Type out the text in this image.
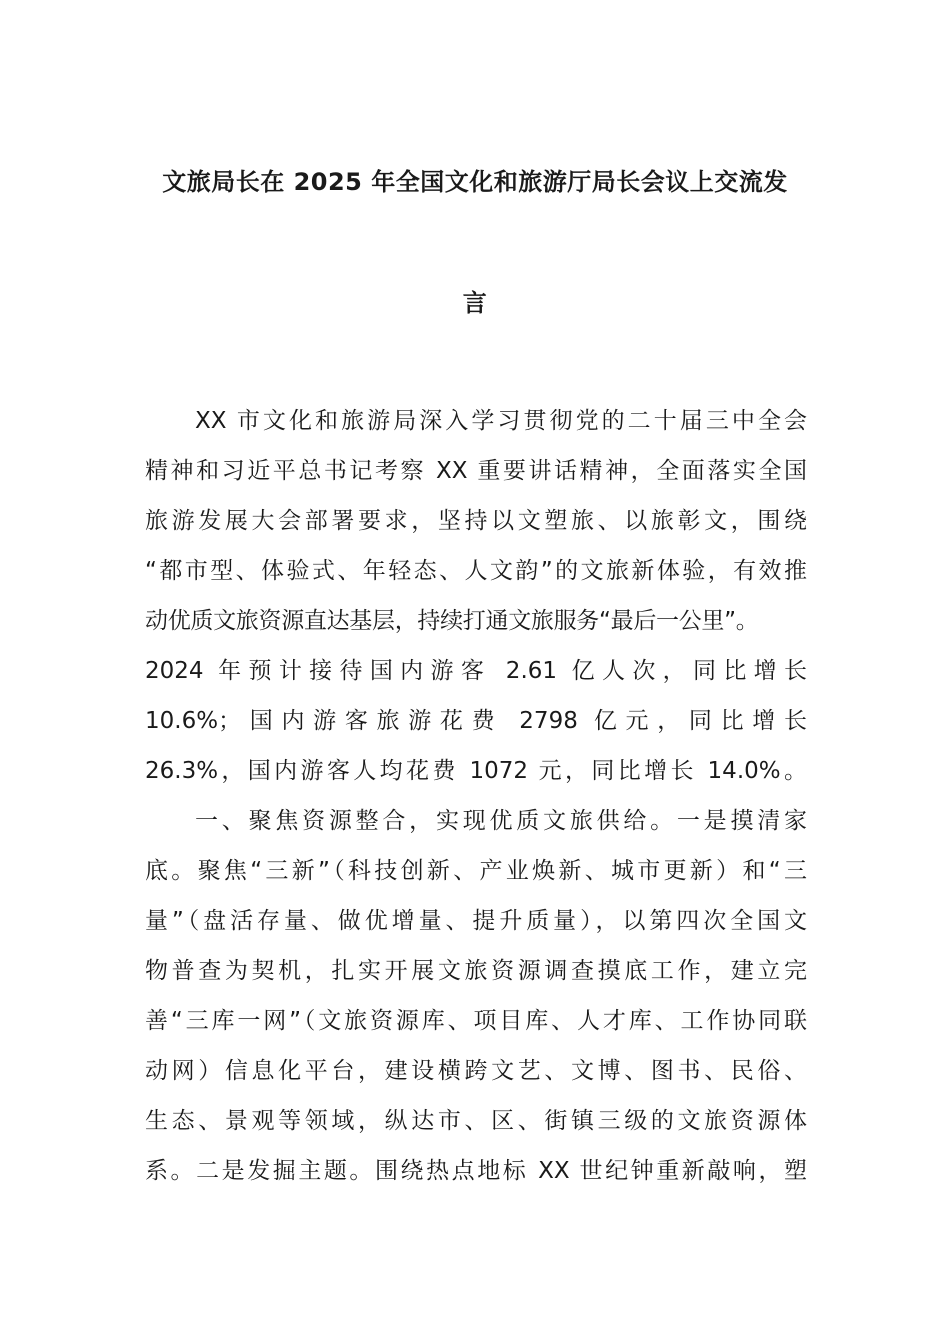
文旅局长在 2025 年全国文化和旅游厅局长会议上交流发
言
XX 市文化和旅游局深入学习贯彻党的二十届三中全会
精神和习近平总书记考察 XX 重要讲话精神，全面落实全国
旅游发展大会部署要求，坚持以文塑旅、以旅彰文，围绕
“都市型、体验式、年轻态、人文韵”的文旅新体验，有效推
动优质文旅资源直达基层，持续打通文旅服务“最后一公里”。
2024 年预计接待国内游客 2.61 亿人次，同比增长
10.6%；国内游客旅游花费 2798 亿元，同比增长
26.3%，国内游客人均花费 1072 元，同比增长 14.0%。
一、聚焦资源整合，实现优质文旅供给。一是摸清家
底。聚焦“三新”（科技创新、产业焕新、城市更新）和“三
量”（盘活存量、做优增量、提升质量），以第四次全国文
物普查为契机，扎实开展文旅资源调查摸底工作，建立完
善“三库一网”（文旅资源库、项目库、人才库、工作协同联
动网）信息化平台，建设横跨文艺、文博、图书、民俗、
生态、景观等领域，纵达市、区、街镇三级的文旅资源体
系。二是发掘主题。围绕热点地标 XX 世纪钟重新敲响，塑
